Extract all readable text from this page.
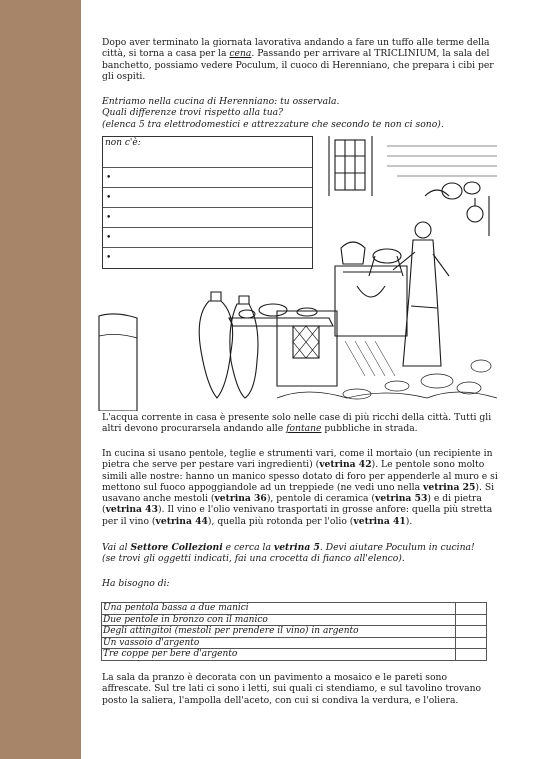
Dopo aver terminato la giornata lavorativa andando a fare un tuffo alle terme della città, si torna a casa per la cena. Passando per arrivare al TRICLINIUM, la sala del banchetto, possiamo vedere Poculum, il cuoco di Herenniano, che prepara i cibi per gli ospiti.

Entriamo nella cucina di Herenniano: tu osservala.
Quali differenze trovi rispetto alla tua?
(elenca 5 tra elettrodomestici e attrezzature che secondo te non ci sono).

non c'è:
•
•
•
•
•

L'acqua corrente in casa è presente solo nelle case di più ricchi della città. Tutti gli altri devono procurarsela andando alle fontane pubbliche in strada.

In cucina si usano pentole, teglie e strumenti vari, come il mortaio (un recipiente in pietra che serve per pestare vari ingredienti) (vetrina 42). Le pentole sono molto simili alle nostre: hanno un manico spesso dotato di foro per appenderle al muro e si mettono sul fuoco appoggiandole ad un treppiede (ne vedi uno nella vetrina 25). Si usavano anche mestoli (vetrina 36), pentole di ceramica (vetrina 53) e di pietra (vetrina 43). Il vino e l'olio venivano trasportati in grosse anfore: quella più stretta per il vino (vetrina 44), quella più rotonda per l'olio (vetrina 41).

Vai al Settore Collezioni e cerca la vetrina 5. Devi aiutare Poculum in cucina!
(se trovi gli oggetti indicati, fai una crocetta di fianco all'elenco).

Ha bisogno di:

Una pentola bassa a due manici	
Due pentole in bronzo con il manico	
Degli attingitoi (mestoli per prendere il vino) in argento	
Un vassoio d'argento	
Tre coppe per bere d'argento	

La sala da pranzo è decorata con un pavimento a mosaico e le pareti sono affrescate. Sul tre lati ci sono i letti, sui quali ci stendiamo, e sul tavolino trovano posto la saliera, l'ampolla dell'aceto, con cui si condiva la verdura, e l'oliera.
